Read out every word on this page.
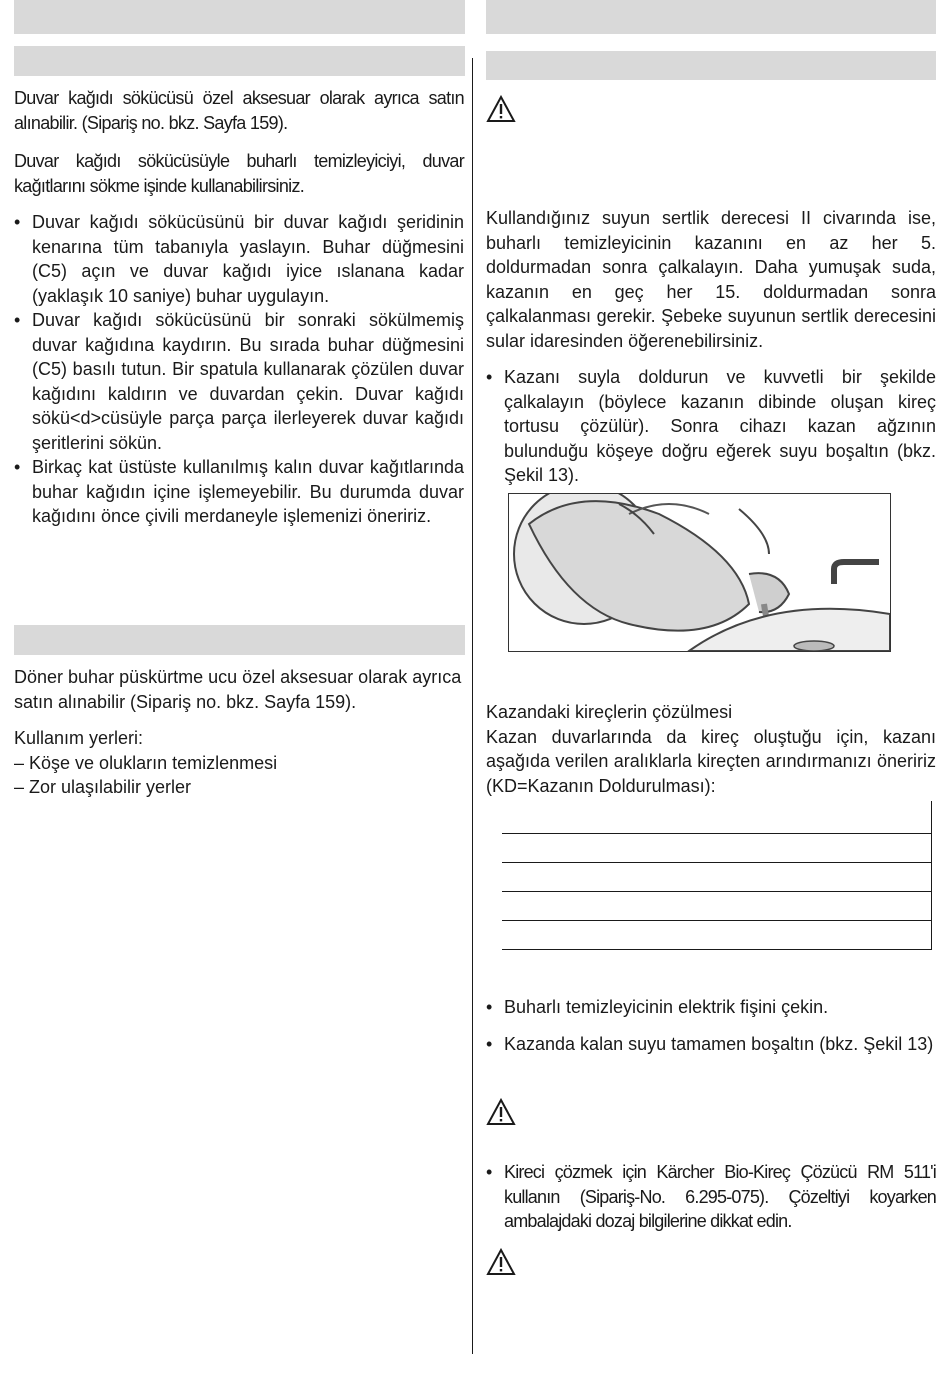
Duvar kağıdı sökücüsü özel aksesuar olarak ayrıca satın alınabilir. (Sipariş no. bkz. Sayfa 159).

Duvar kağıdı sökücüsüyle buharlı temizleyiciyi, duvar kağıtlarını sökme işinde kullanabilirsiniz.

• Duvar kağıdı sökücüsünü bir duvar kağıdı şeridinin kenarına tüm tabanıyla yaslayın. Buhar düğmesini (C5) açın ve duvar kağıdı iyice ıslanana kadar (yaklaşık 10 saniye) buhar uygulayın.

• Duvar kağıdı sökücüsünü bir sonraki sökülmemiş duvar kağıdına kaydırın. Bu sırada buhar düğmesini (C5) basılı tutun. Bir spatula kullanarak çözülen duvar kağıdını kaldırın ve duvardan çekin. Duvar kağıdı sökü<d>cüsüyle parça parça ilerleyerek duvar kağıdı şeritlerini sökün.

• Birkaç kat üstüste kullanılmış kalın duvar kağıtlarında buhar kağıdın içine işlemeyebilir. Bu durumda duvar kağıdını önce çivili merdaneyle işlemenizi öneririz.

Döner buhar püskürtme ucu özel aksesuar olarak ayrıca satın alınabilir (Sipariş no. bkz. Sayfa 159).

Kullanım yerleri:

– Köşe ve olukların temizlenmesi

– Zor ulaşılabilir yerler

Kullandığınız suyun sertlik derecesi II civarında ise, buharlı temizleyicinin kazanını en az her 5. doldurmadan sonra çalkalayın. Daha yumuşak suda, kazanın en geç her 15. doldurmadan sonra çalkalanması gerekir. Şebeke suyunun sertlik derecesini sular idaresinden öğerenebilirsiniz.

• Kazanı suyla doldurun ve kuvvetli bir şekilde çalkalayın (böylece kazanın dibinde oluşan kireç tortusu çözülür). Sonra cihazı kazan ağzının bulunduğu köşeye doğru eğerek suyu boşaltın (bkz. Şekil 13).

Kazandaki kireçlerin çözülmesi

Kazan duvarlarında da kireç oluştuğu için, kazanı aşağıda verilen aralıklarla kireçten arındırmanızı öneririz (KD=Kazanın Doldurulması):

• Buharlı temizleyicinin elektrik fişini çekin.

• Kazanda kalan suyu tamamen boşaltın (bkz. Şekil 13)

• Kireci çözmek için Kärcher Bio-Kireç Çözücü RM 511'i kullanın (Sipariş-No. 6.295-075). Çözeltiyi koyarken ambalajdaki dozaj bilgilerine dikkat edin.
